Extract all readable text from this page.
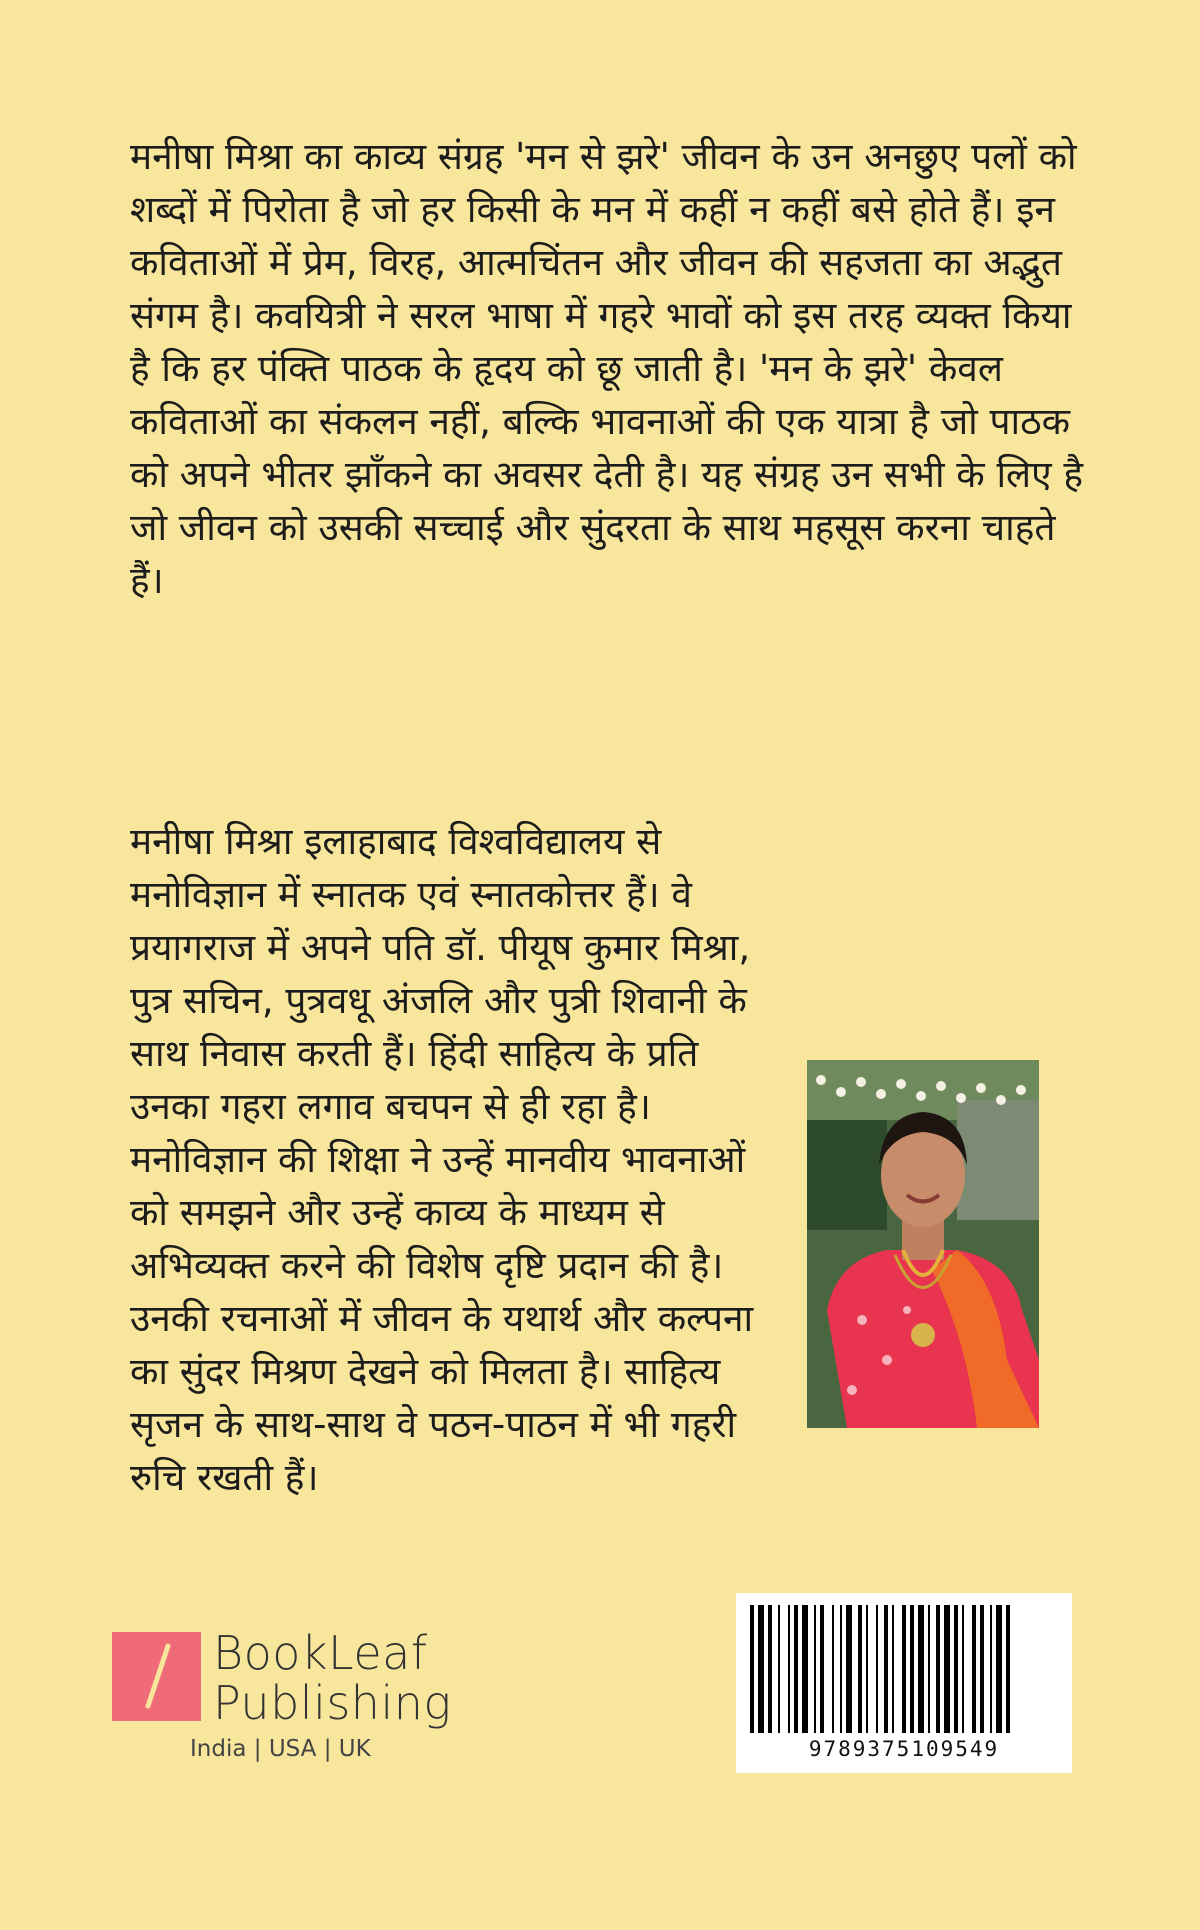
मनीषा मिश्रा का काव्य संग्रह 'मन से झरे' जीवन के उन अनछुए पलों को शब्दों में पिरोता है जो हर किसी के मन में कहीं न कहीं बसे होते हैं। इन कविताओं में प्रेम, विरह, आत्मचिंतन और जीवन की सहजता का अद्भुत संगम है। कवयित्री ने सरल भाषा में गहरे भावों को इस तरह व्यक्त किया है कि हर पंक्ति पाठक के हृदय को छू जाती है। 'मन के झरे' केवल कविताओं का संकलन नहीं, बल्कि भावनाओं की एक यात्रा है जो पाठक को अपने भीतर झाँकने का अवसर देती है। यह संग्रह उन सभी के लिए है जो जीवन को उसकी सच्चाई और सुंदरता के साथ महसूस करना चाहते हैं।

मनीषा मिश्रा इलाहाबाद विश्वविद्यालय से मनोविज्ञान में स्नातक एवं स्नातकोत्तर हैं। वे प्रयागराज में अपने पति डॉ. पीयूष कुमार मिश्रा, पुत्र सचिन, पुत्रवधू अंजलि और पुत्री शिवानी के साथ निवास करती हैं। हिंदी साहित्य के प्रति उनका गहरा लगाव बचपन से ही रहा है। मनोविज्ञान की शिक्षा ने उन्हें मानवीय भावनाओं को समझने और उन्हें काव्य के माध्यम से अभिव्यक्त करने की विशेष दृष्टि प्रदान की है। उनकी रचनाओं में जीवन के यथार्थ और कल्पना का सुंदर मिश्रण देखने को मिलता है। साहित्य सृजन के साथ-साथ वे पठन-पाठन में भी गहरी रुचि रखती हैं।

BookLeaf
Publishing
India | USA | UK	9789375109549
